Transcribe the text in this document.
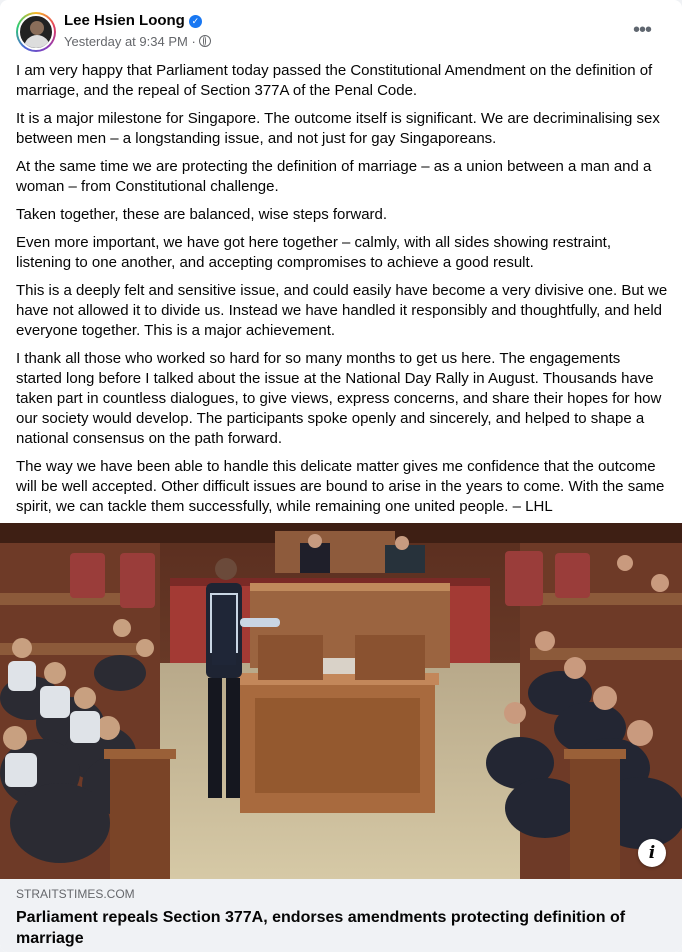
Lee Hsien Loong ✓
Yesterday at 9:34 PM ·
•••

I am very happy that Parliament today passed the Constitutional Amendment on the definition of marriage, and the repeal of Section 377A of the Penal Code.

It is a major milestone for Singapore. The outcome itself is significant. We are decriminalising sex between men – a longstanding issue, and not just for gay Singaporeans.

At the same time we are protecting the definition of marriage – as a union between a man and a woman – from Constitutional challenge.

Taken together, these are balanced, wise steps forward.

Even more important, we have got here together – calmly, with all sides showing restraint, listening to one another, and accepting compromises to achieve a good result.

This is a deeply felt and sensitive issue, and could easily have become a very divisive one. But we have not allowed it to divide us. Instead we have handled it responsibly and thoughtfully, and held everyone together. This is a major achievement.

I thank all those who worked so hard for so many months to get us here. The engagements started long before I talked about the issue at the National Day Rally in August. Thousands have taken part in countless dialogues, to give views, express concerns, and share their hopes for how our society would develop. The participants spoke openly and sincerely, and helped to shape a national consensus on the path forward.

The way we have been able to handle this delicate matter gives me confidence that the outcome will be well accepted. Other difficult issues are bound to arise in the years to come. With the same spirit, we can tackle them successfully, while remaining one united people. – LHL

i
STRAITSTIMES.COM
Parliament repeals Section 377A, endorses amendments protecting definition of marriage
